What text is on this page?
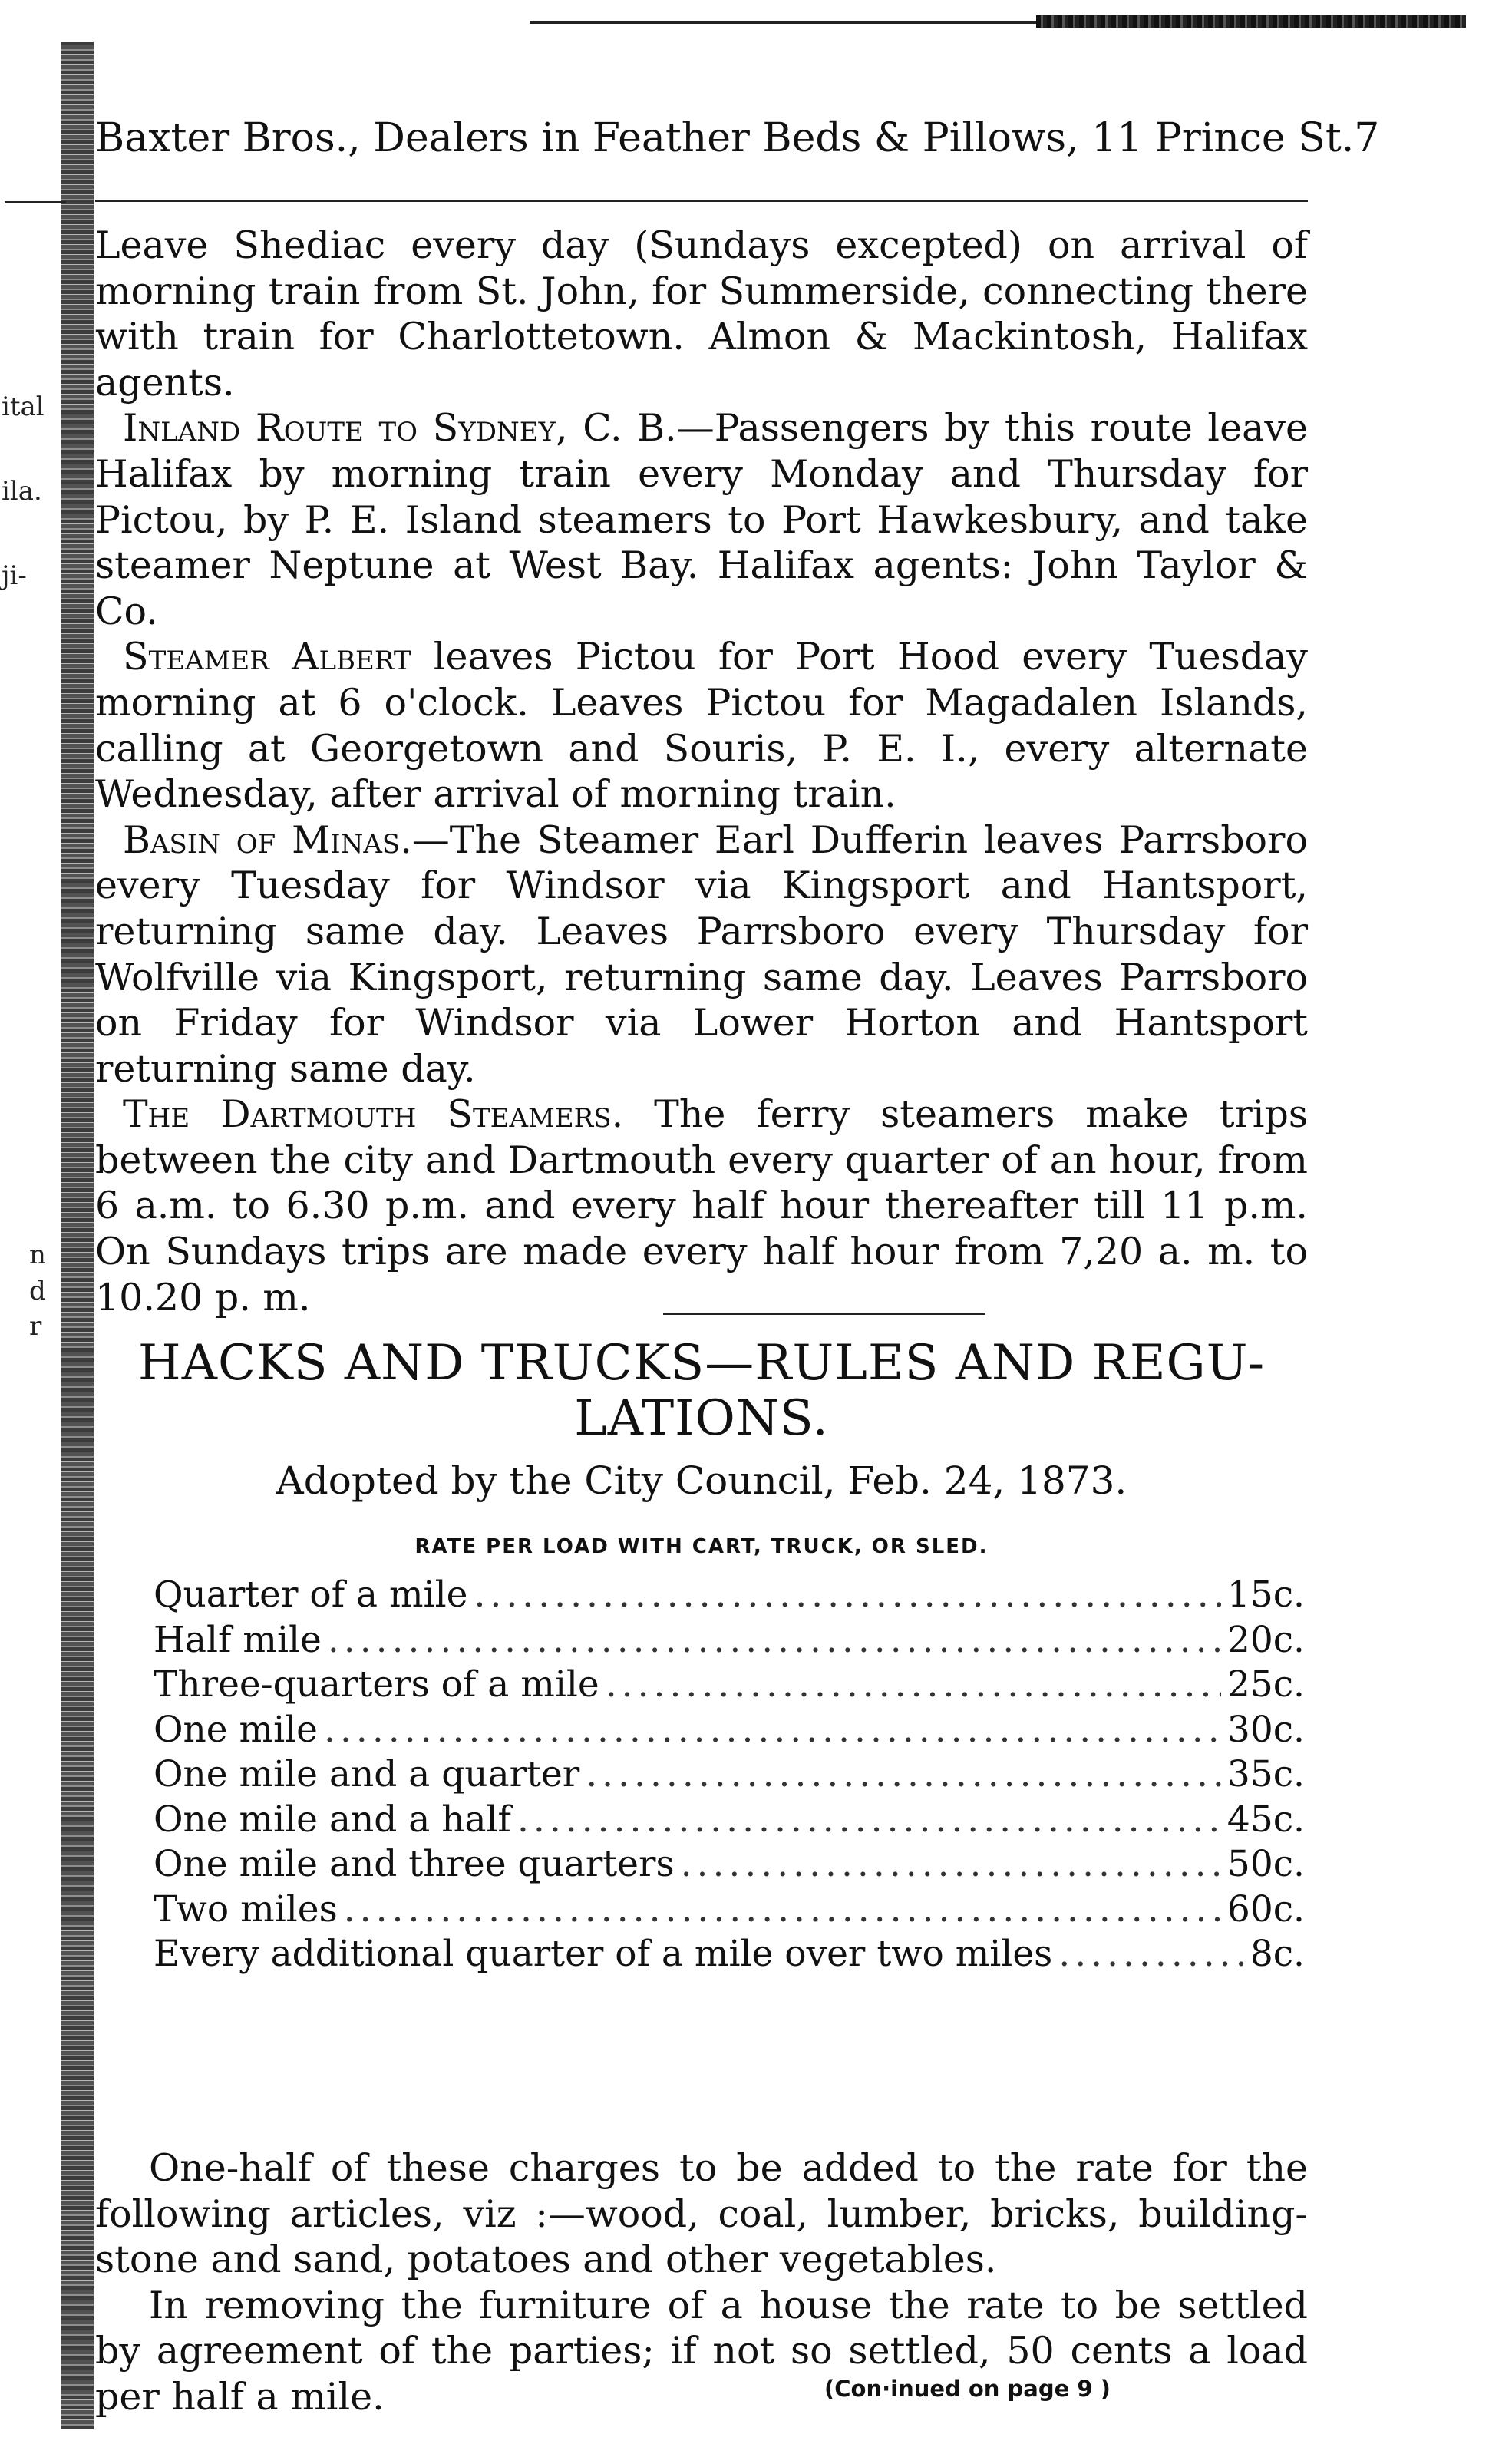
ital
ila.
ji-
n
d
r
Baxter Bros., Dealers in Feather Beds & Pillows, 11 Prince St. 7

Leave Shediac every day (Sundays excepted) on arrival of morning train from St. John, for Summerside, connecting there with train for Charlottetown. Almon & Mackintosh, Halifax agents.

Inland Route to Sydney, C. B.—Passengers by this route leave Halifax by morning train every Monday and Thursday for Pictou, by P. E. Island steamers to Port Hawkesbury, and take steamer Neptune at West Bay. Halifax agents: John Taylor & Co.

Steamer Albert leaves Pictou for Port Hood every Tuesday morning at 6 o'clock. Leaves Pictou for Magadalen Islands, calling at Georgetown and Souris, P. E. I., every alternate Wednesday, after arrival of morning train.

Basin of Minas.—The Steamer Earl Dufferin leaves Parrsboro every Tuesday for Windsor via Kingsport and Hantsport, returning same day. Leaves Parrsboro every Thursday for Wolfville via Kingsport, returning same day. Leaves Parrsboro on Friday for Windsor via Lower Horton and Hantsport returning same day.

The Dartmouth Steamers. The ferry steamers make trips between the city and Dartmouth every quarter of an hour, from 6 a.m. to 6.30 p.m. and every half hour thereafter till 11 p.m. On Sundays trips are made every half hour from 7,20 a. m. to 10.20 p. m.

HACKS AND TRUCKS—RULES AND REGU-
LATIONS.
Adopted by the City Council, Feb. 24, 1873.
RATE PER LOAD WITH CART, TRUCK, OR SLED.
Quarter of a mile .....	15c.
Half mile .....	20c.
Three-quarters of a mile .....	25c.
One mile .....	30c.
One mile and a quarter .....	35c.
One mile and a half .....	45c.
One mile and three quarters .....	50c.
Two miles .....	60c.
Every additional quarter of a mile over two miles .....	8c.

One-half of these charges to be added to the rate for the following articles, viz :—wood, coal, lumber, bricks, building-stone and sand, potatoes and other vegetables.

In removing the furniture of a house the rate to be settled by agreement of the parties; if not so settled, 50 cents a load per half a mile.	(Con·inued on page 9 )
